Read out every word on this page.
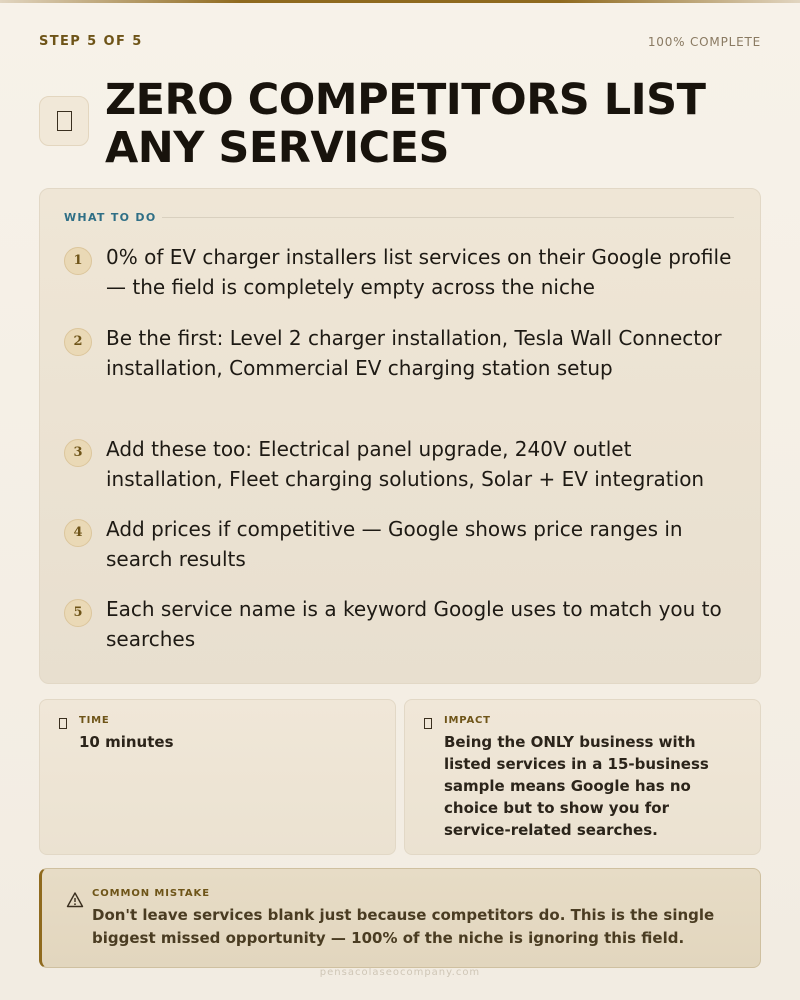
STEP 5 OF 5	100% COMPLETE
ZERO COMPETITORS LIST ANY SERVICES
WHAT TO DO
1	0% of EV charger installers list services on their Google profile — the field is completely empty across the niche
2	Be the first: Level 2 charger installation, Tesla Wall Connector installation, Commercial EV charging station setup
3	Add these too: Electrical panel upgrade, 240V outlet installation, Fleet charging solutions, Solar + EV integration
4	Add prices if competitive — Google shows price ranges in search results
5	Each service name is a keyword Google uses to match you to searches
TIME
10 minutes
IMPACT
Being the ONLY business with listed services in a 15-business sample means Google has no choice but to show you for service-related searches.
COMMON MISTAKE
Don't leave services blank just because competitors do. This is the single biggest missed opportunity — 100% of the niche is ignoring this field.
pensacolaseocompany.com
